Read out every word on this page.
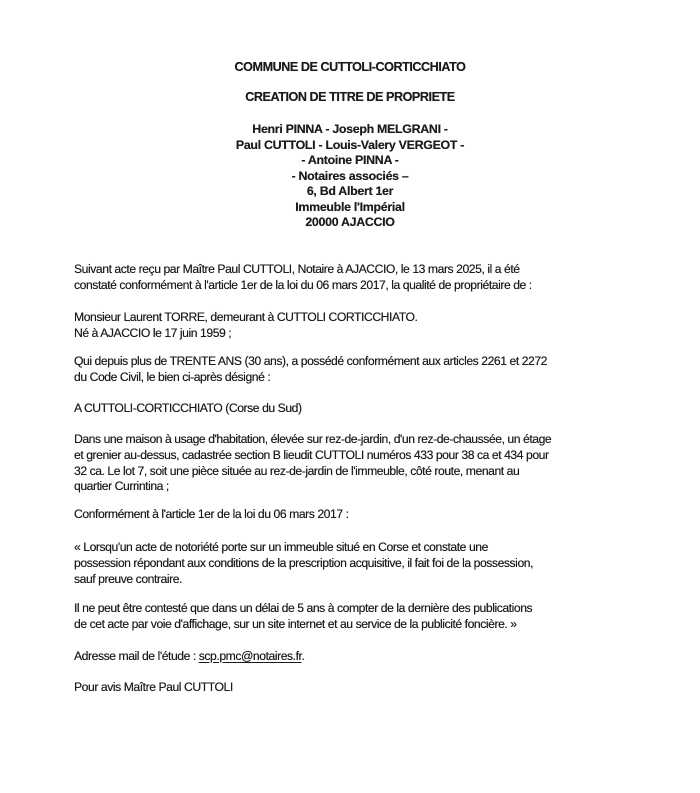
COMMUNE DE CUTTOLI-CORTICCHIATO
CREATION DE TITRE DE PROPRIETE
Henri PINNA - Joseph MELGRANI -
Paul CUTTOLI - Louis-Valery VERGEOT -
- Antoine PINNA -
- Notaires associés –
6, Bd Albert 1er
Immeuble l'Impérial
20000 AJACCIO

Suivant acte reçu par Maître Paul CUTTOLI, Notaire à AJACCIO, le 13 mars 2025, il a été
constaté conformément à l'article 1er de la loi du 06 mars 2017, la qualité de propriétaire de :

Monsieur Laurent TORRE, demeurant à CUTTOLI CORTICCHIATO.
Né à AJACCIO le 17 juin 1959 ;

Qui depuis plus de TRENTE ANS (30 ans), a possédé conformément aux articles 2261 et 2272
du Code Civil, le bien ci-après désigné :

A CUTTOLI-CORTICCHIATO (Corse du Sud)

Dans une maison à usage d'habitation, élevée sur rez-de-jardin, d'un rez-de-chaussée, un étage
et grenier au-dessus, cadastrée section B lieudit CUTTOLI numéros 433 pour 38 ca et 434 pour
32 ca. Le lot 7, soit une pièce située au rez-de-jardin de l'immeuble, côté route, menant au
quartier Currintina ;

Conformément à l'article 1er de la loi du 06 mars 2017 :

« Lorsqu'un acte de notoriété porte sur un immeuble situé en Corse et constate une
possession répondant aux conditions de la prescription acquisitive, il fait foi de la possession,
sauf preuve contraire.

Il ne peut être contesté que dans un délai de 5 ans à compter de la dernière des publications
de cet acte par voie d'affichage, sur un site internet et au service de la publicité foncière. »

Adresse mail de l'étude : scp.pmc@notaires.fr.

Pour avis Maître Paul CUTTOLI
